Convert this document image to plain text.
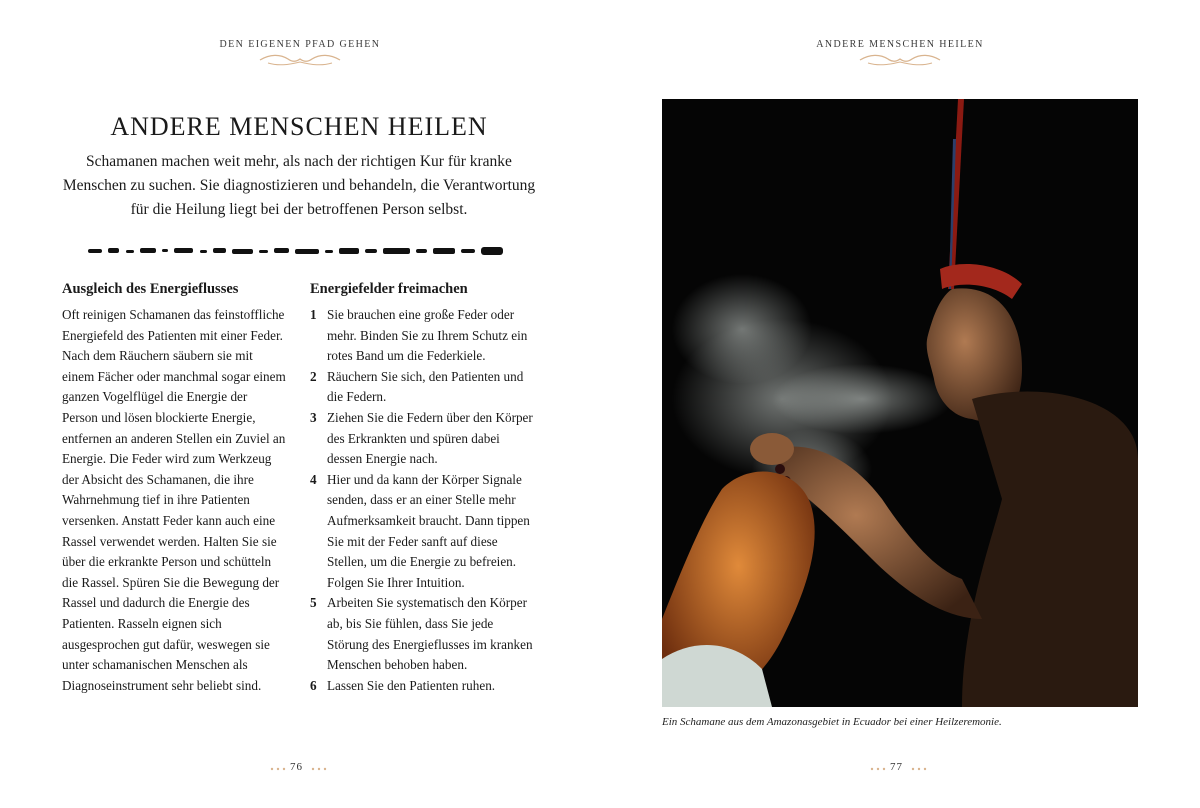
DEN EIGENEN PFAD GEHEN
ANDERE MENSCHEN HEILEN

Schamanen machen weit mehr, als nach der richtigen Kur für kranke Menschen zu suchen. Sie diagnostizieren und behandeln, die Verantwortung für die Heilung liegt bei der betroffenen Person selbst.

Ausgleich des Energieflusses

Oft reinigen Schamanen das feinstoffliche Energiefeld des Patienten mit einer Feder. Nach dem Räuchern säubern sie mit einem Fächer oder manchmal sogar einem ganzen Vogelflügel die Energie der Person und lösen blockierte Energie, entfernen an anderen Stellen ein Zuviel an Energie. Die Feder wird zum Werkzeug der Absicht des Schamanen, die ihre Wahrnehmung tief in ihre Patienten versenken. Anstatt Feder kann auch eine Rassel verwendet werden. Halten Sie sie über die erkrankte Person und schütteln die Rassel. Spüren Sie die Bewegung der Rassel und dadurch die Energie des Patienten. Rasseln eignen sich ausgesprochen gut dafür, weswegen sie unter schamanischen Menschen als Diagnoseinstrument sehr beliebt sind.

Energiefelder freimachen
1 Sie brauchen eine große Feder oder mehr. Binden Sie zu Ihrem Schutz ein rotes Band um die Federkiele.
2 Räuchern Sie sich, den Patienten und die Federn.
3 Ziehen Sie die Federn über den Körper des Erkrankten und spüren dabei dessen Energie nach.
4 Hier und da kann der Körper Signale senden, dass er an einer Stelle mehr Aufmerksamkeit braucht. Dann tippen Sie mit der Feder sanft auf diese Stellen, um die Energie zu befreien. Folgen Sie Ihrer Intuition.
5 Arbeiten Sie systematisch den Körper ab, bis Sie fühlen, dass Sie jede Störung des Energieflusses im kranken Menschen behoben haben.
6 Lassen Sie den Patienten ruhen.
76
ANDERE MENSCHEN HEILEN

Ein Schamane aus dem Amazonasgebiet in Ecuador bei einer Heilzeremonie.

77
